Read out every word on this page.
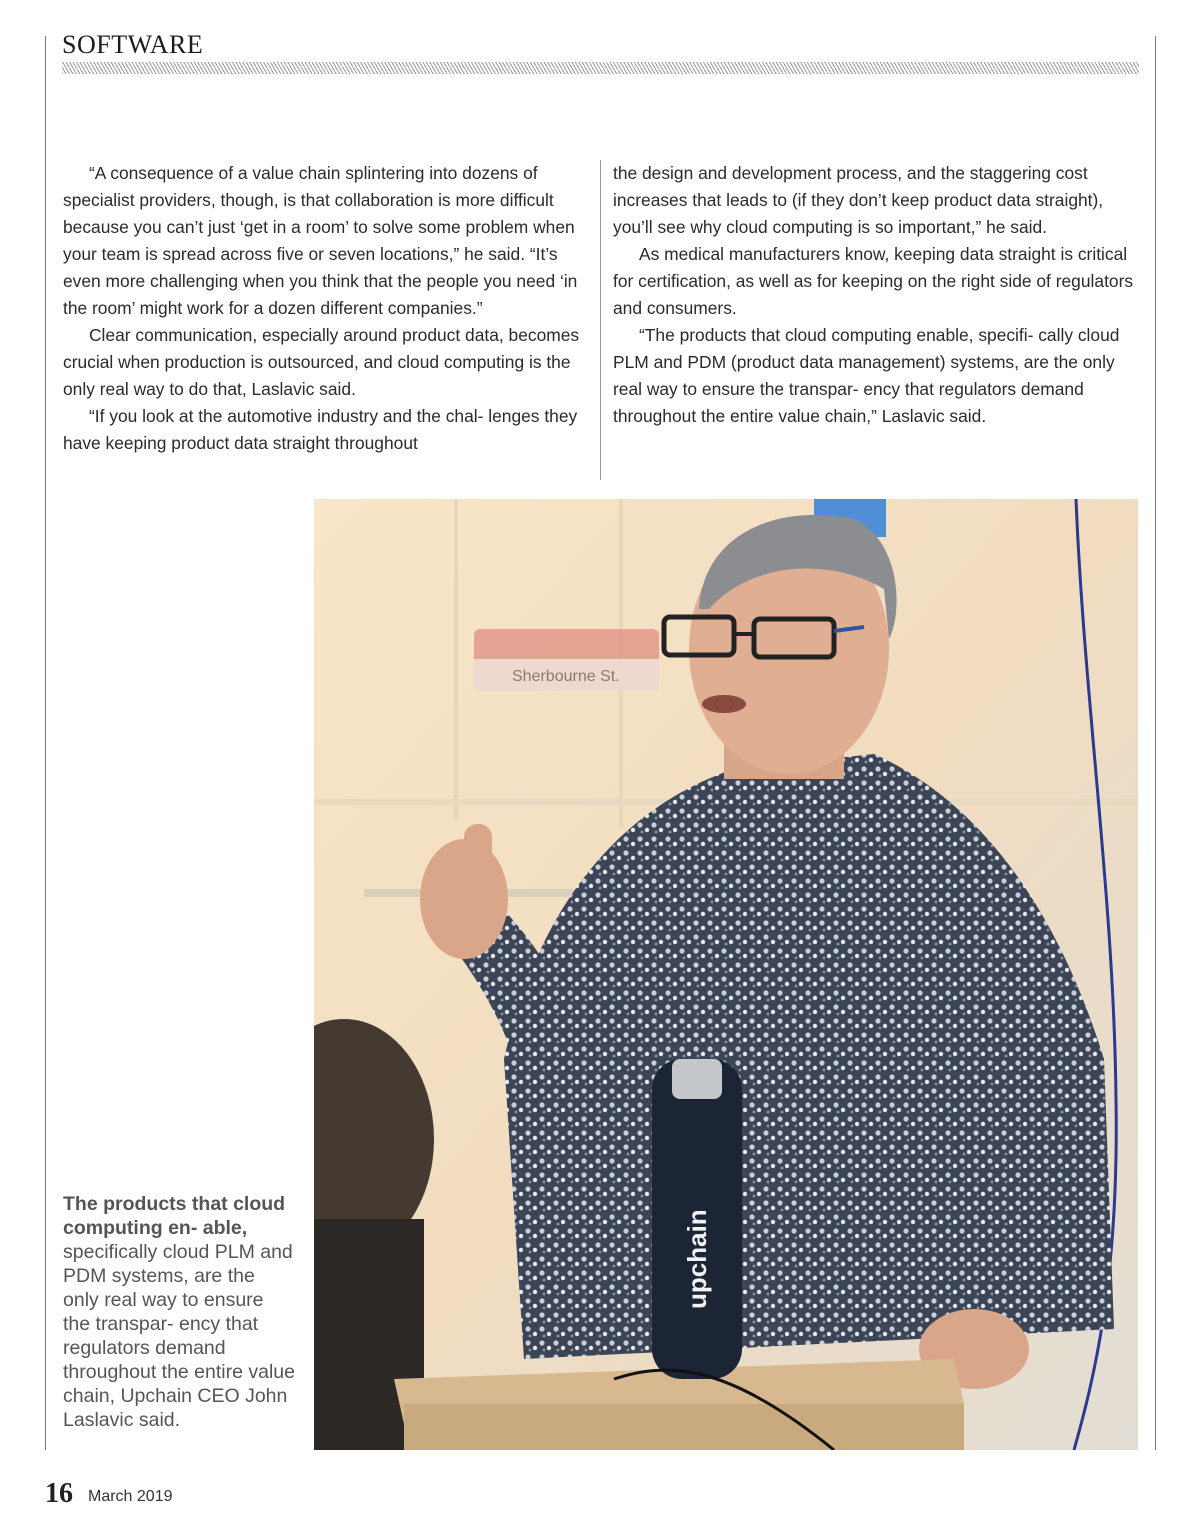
SOFTWARE

“A consequence of a value chain splintering into dozens of specialist providers, though, is that collaboration is more difficult because you can’t just ‘get in a room’ to solve some problem when your team is spread across five or seven locations,” he said. “It’s even more challenging when you think that the people you need ‘in the room’ might work for a dozen different companies.”

Clear communication, especially around product data, becomes crucial when production is outsourced, and cloud computing is the only real way to do that, Laslavic said.

“If you look at the automotive industry and the chal- lenges they have keeping product data straight throughout

the design and development process, and the staggering cost increases that leads to (if they don’t keep product data straight), you’ll see why cloud computing is so important,” he said.

As medical manufacturers know, keeping data straight is critical for certification, as well as for keeping on the right side of regulators and consumers.

“The products that cloud computing enable, specifi- cally cloud PLM and PDM (product data management) systems, are the only real way to ensure the transpar- ency that regulators demand throughout the entire value chain,” Laslavic said.

Sherbourne St.
upchain
The products that cloud computing en- able, specifically cloud PLM and PDM systems, are the only real way to ensure the transpar- ency that regulators demand throughout the entire value chain, Upchain CEO John Laslavic said.
16 March 2019
